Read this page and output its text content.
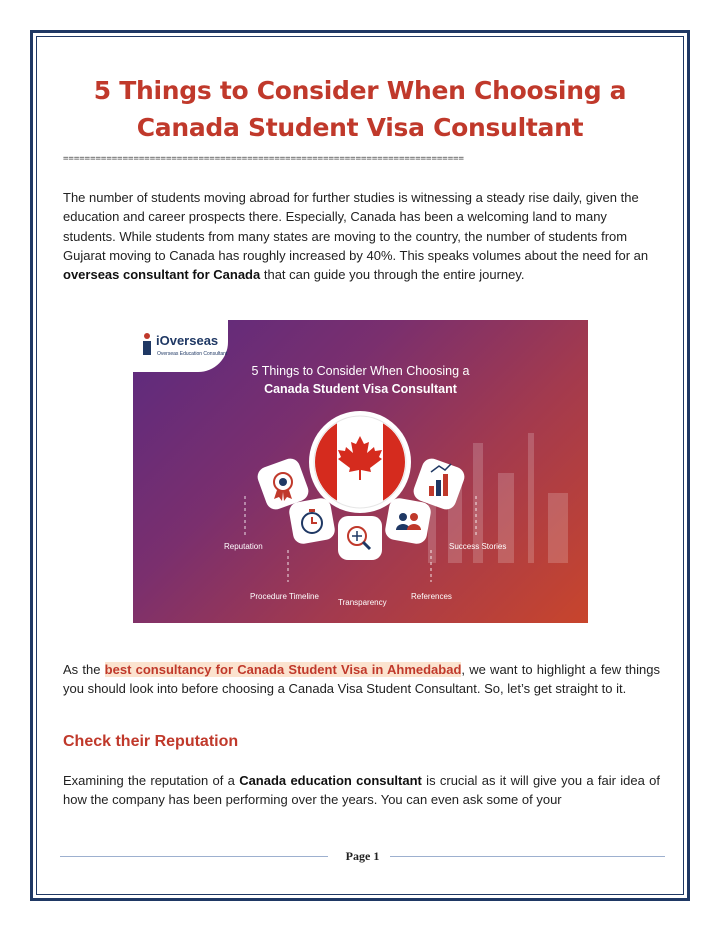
5 Things to Consider When Choosing a
Canada Student Visa Consultant
==========================================================================

The number of students moving abroad for further studies is witnessing a steady rise daily, given the education and career prospects there. Especially, Canada has been a welcoming land to many students. While students from many states are moving to the country, the number of students from Gujarat moving to Canada has roughly increased by 40%. This speaks volumes about the need for an overseas consultant for Canada that can guide you through the entire journey.

iOverseas
Overseas Education Consultant
5 Things to Consider When Choosing a
Canada Student Visa Consultant
Reputation	Success Stories
Procedure Timeline
Transparency
References

As the best consultancy for Canada Student Visa in Ahmedabad, we want to highlight a few things you should look into before choosing a Canada Visa Student Consultant. So, let’s get straight to it.

Check their Reputation

Examining the reputation of a Canada education consultant is crucial as it will give you a fair idea of how the company has been performing over the years. You can even ask some of your

Page 1
